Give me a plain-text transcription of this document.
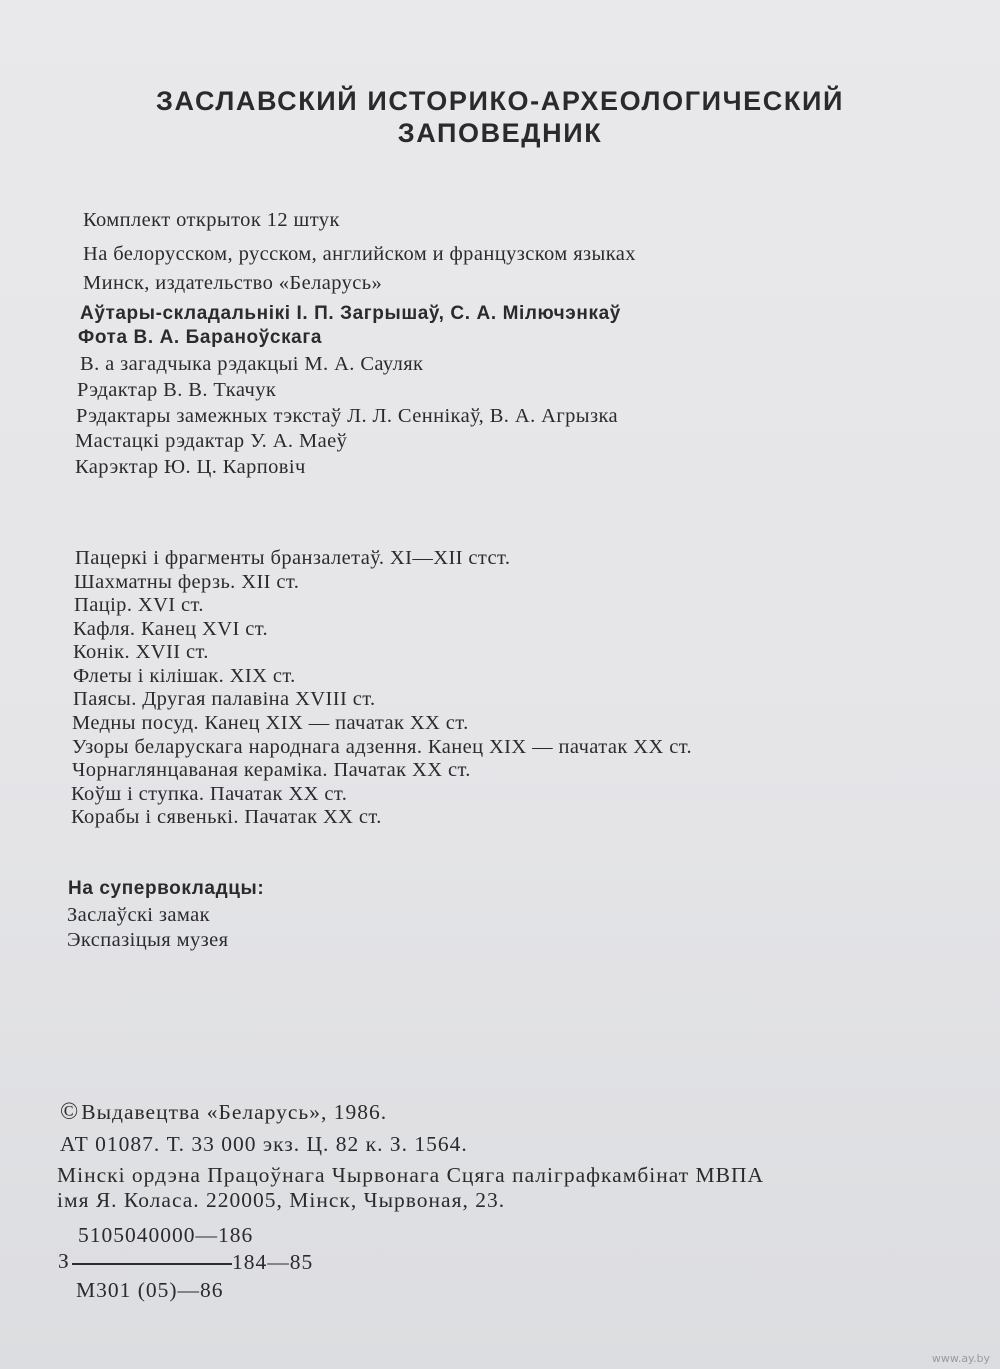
ЗАСЛАВСКИЙ ИСТОРИКО-АРХЕОЛОГИЧЕСКИЙ
ЗАПОВЕДНИК
Комплект открыток 12 штук
На белорусском, русском, английском и французском языках
Минск, издательство «Беларусь»
Аўтары-складальнікі І. П. Загрышаў, С. А. Мілючэнкаў
Фота В. А. Бараноўскага
В. а загадчыка рэдакцыі М. А. Сауляк
Рэдактар В. В. Ткачук
Рэдактары замежных тэкстаў Л. Л. Сеннікаў, В. А. Агрызка
Мастацкі рэдактар У. А. Маеў
Карэктар Ю. Ц. Карповіч
Пацеркі і фрагменты бранзалетаў. XI—XII стст.
Шахматны ферзь. XII ст.
Пацір. XVI ст.
Кафля. Канец XVI ст.
Конік. XVII ст.
Флеты і кілішак. XIX ст.
Паясы. Другая палавіна XVIII ст.
Медны посуд. Канец XIX — пачатак XX ст.
Узоры беларускага народнага адзення. Канец XIX — пачатак XX ст.
Чорнаглянцаваная кераміка. Пачатак XX ст.
Коўш і ступка. Пачатак XX ст.
Корабы і сявенькі. Пачатак XX ст.
На супервокладцы:
Заслаўскі замак
Экспазіцыя музея
©Выдавецтва «Беларусь», 1986.
АТ 01087. Т. 33 000 экз. Ц. 82 к. З. 1564.
Мінскі ордэна Працоўнага Чырвонага Сцяга паліграфкамбінат МВПА
імя Я. Коласа. 220005, Мінск, Чырвоная, 23.
5105040000—186
З	184—85
М301 (05)—86
www.ay.by
